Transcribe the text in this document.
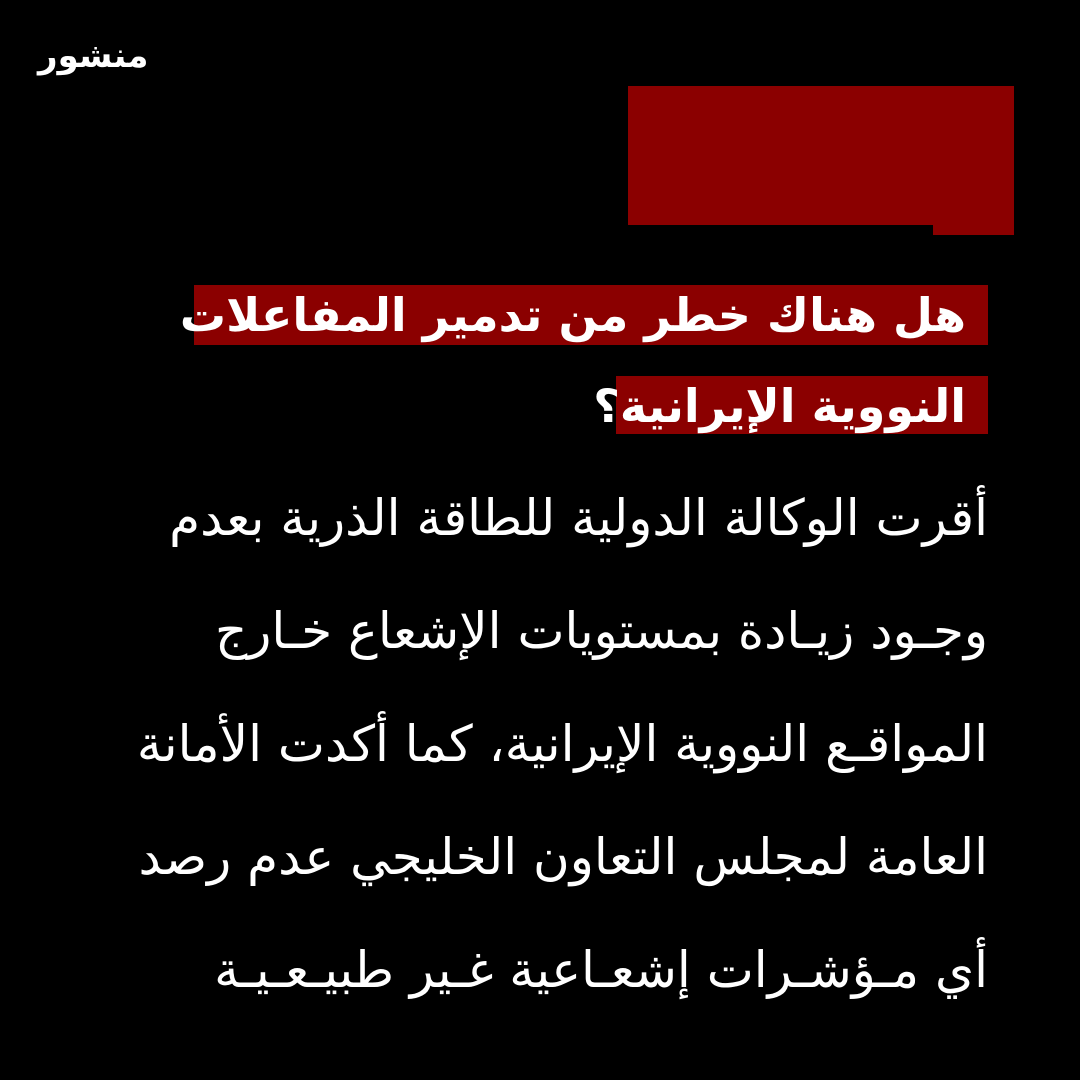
منشور
هل هناك خطر من تدمير المفاعلات
النووية الإيرانية؟
أقرت الوكالة الدولية للطاقة الذرية بعدم
وجـود زيـادة بمستويات الإشعاع خـارج
المواقـع النووية الإيرانية، كما أكدت الأمانة
العامة لمجلس التعاون الخليجي عدم رصد
أي مـؤشـرات إشعـاعية غـير طبيـعـيـة
